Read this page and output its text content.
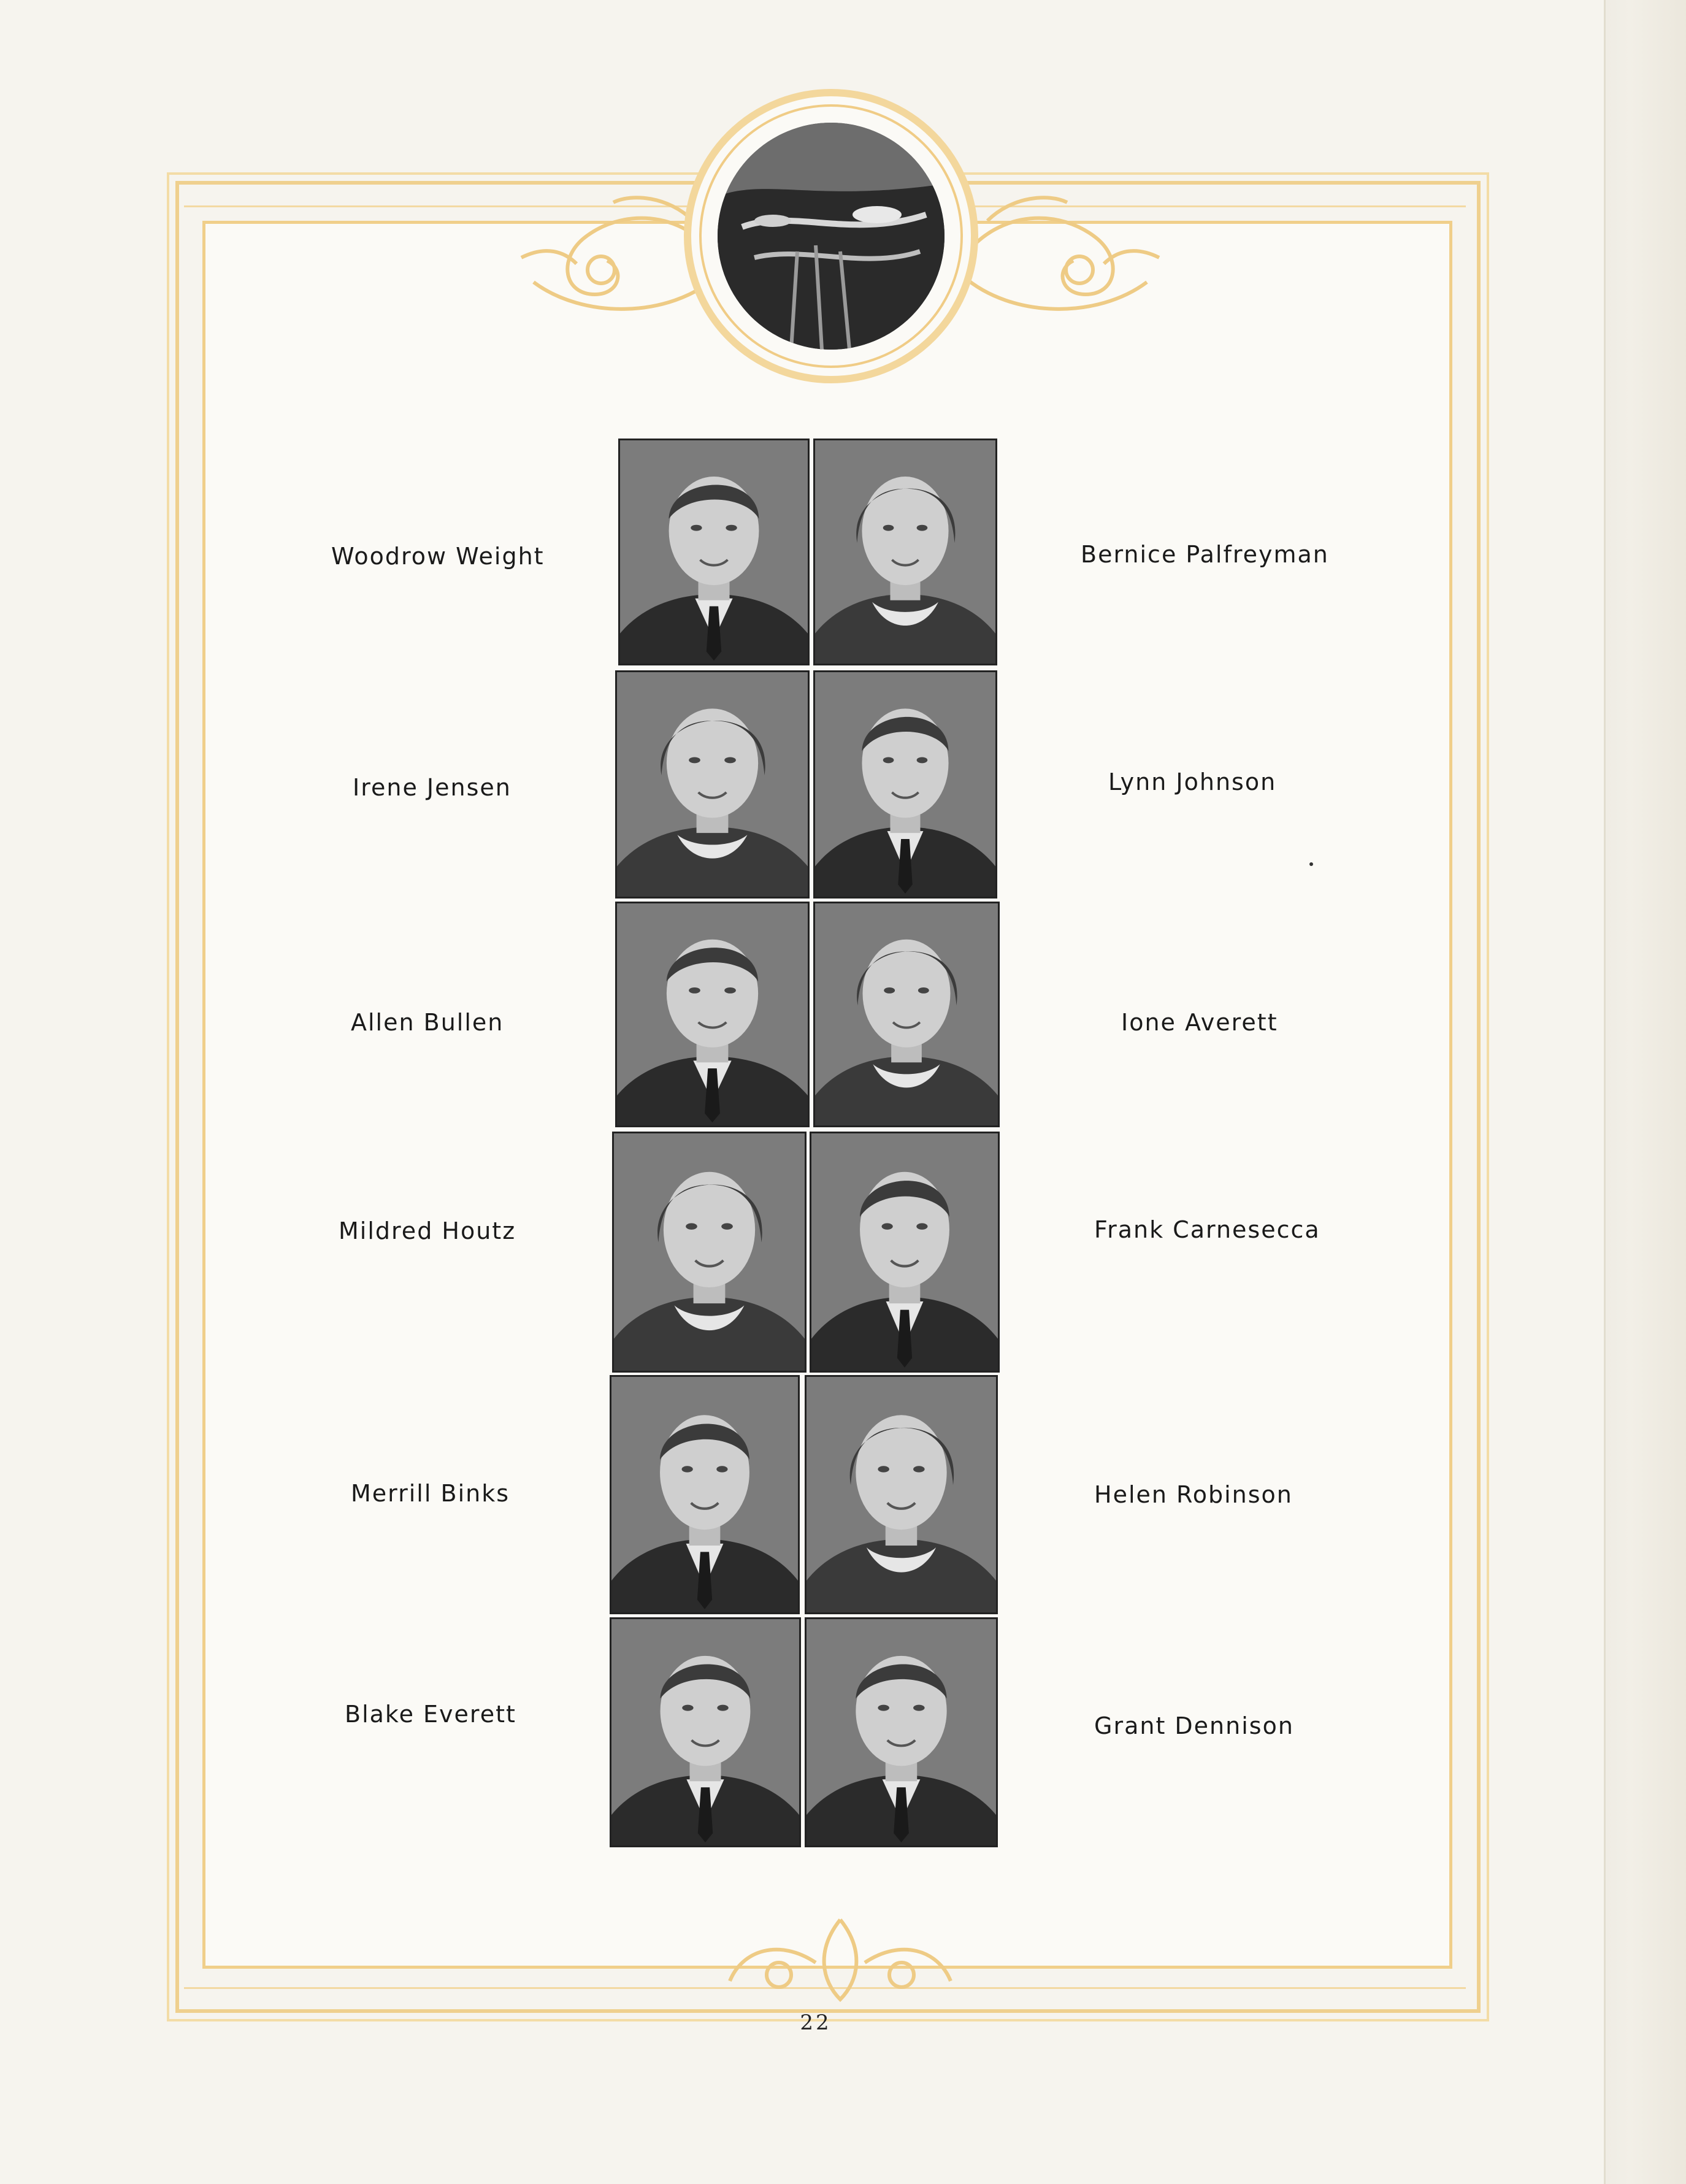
Woodrow Weight
Irene Jensen
Allen Bullen
Mildred Houtz
Merrill Binks
Blake Everett
Bernice Palfreyman
Lynn Johnson
Ione Averett
Frank Carnesecca
Helen Robinson
Grant Dennison
22
